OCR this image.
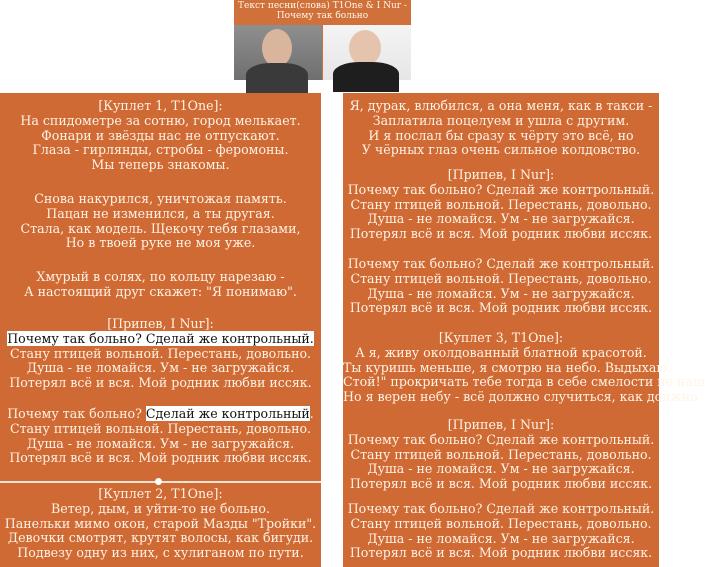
Текст песни(слова) T1One & I Nur - Почему так больно
[Куплет 1, T1One]:
На спидометре за сотню, город мелькает.
Фонари и звёзды нас не отпускают.
Глаза - гирлянды, стробы - феромоны.
Мы теперь знакомы.
Снова накурился, уничтожая память.
Пацан не изменился, а ты другая.
Стала, как модель. Щекочу тебя глазами,
Но в твоей руке не моя уже.
Хмурый в солях, по кольцу нарезаю -
А настоящий друг скажет: "Я понимаю".
[Припев, I Nur]:
Почему так больно? Сделай же контрольный.
Стану птицей вольной. Перестань, довольно.
Душа - не ломайся. Ум - не загружайся.
Потерял всё и вся. Мой родник любви иссяк.
Почему так больно? Сделай же контрольный.
Стану птицей вольной. Перестань, довольно.
Душа - не ломайся. Ум - не загружайся.
Потерял всё и вся. Мой родник любви иссяк.
[Куплет 2, T1One]:
Ветер, дым, и уйти-то не больно.
Панельки мимо окон, старой Мазды "Тройки".
Девочки смотрят, крутят волосы, как бигуди.
Подвезу одну из них, с хулиганом по пути.
Я, дурак, влюбился, а она меня, как в такси -
Заплатила поцелуем и ушла с другим.
И я послал бы сразу к чёрту это всё, но
У чёрных глаз очень сильное колдовство.
[Припев, I Nur]:
Почему так больно? Сделай же контрольный.
Стану птицей вольной. Перестань, довольно.
Душа - не ломайся. Ум - не загружайся.
Потерял всё и вся. Мой родник любви иссяк.
Почему так больно? Сделай же контрольный.
Стану птицей вольной. Перестань, довольно.
Душа - не ломайся. Ум - не загружайся.
Потерял всё и вся. Мой родник любви иссяк.
[Куплет 3, T1One]:
А я, живу околдованный блатной красотой.
Ты куришь меньше, я смотрю на небо. Выдыхаю.
Стой!" прокричать тебе тогда в себе смелости не наш
Но я верен небу - всё должно случиться, как должно
[Припев, I Nur]:
Почему так больно? Сделай же контрольный.
Стану птицей вольной. Перестань, довольно.
Душа - не ломайся. Ум - не загружайся.
Потерял всё и вся. Мой родник любви иссяк.
Почему так больно? Сделай же контрольный.
Стану птицей вольной. Перестань, довольно.
Душа - не ломайся. Ум - не загружайся.
Потерял всё и вся. Мой родник любви иссяк.
